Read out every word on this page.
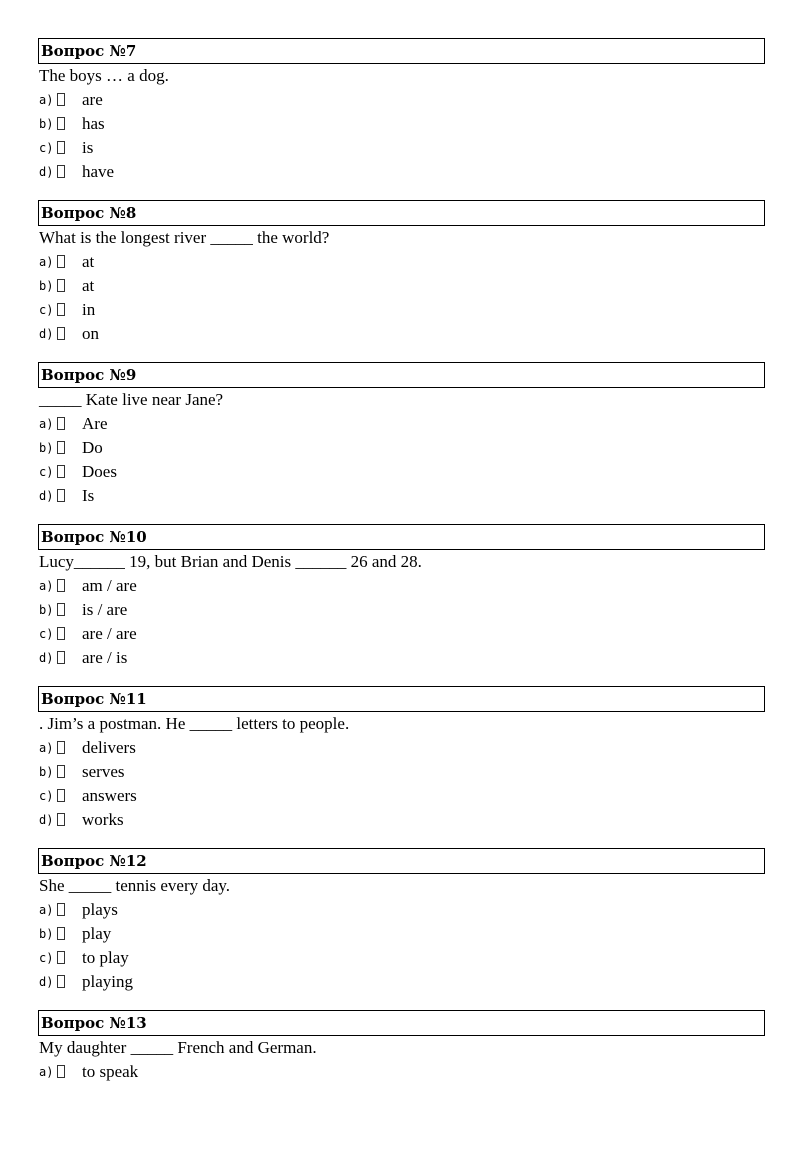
Вопрос №7
The boys … a dog.
a) are
b) has
c) is
d) have
Вопрос №8
What is the longest river _____ the world?
a) at
b) at
c) in
d) on
Вопрос №9
_____ Kate live near Jane?
a) Are
b) Do
c) Does
d) Is
Вопрос №10
Lucy______ 19, but Brian and Denis ______ 26 and 28.
a) am / are
b) is / are
c) are / are
d) are / is
Вопрос №11
. Jim’s a postman. He _____ letters to people.
a) delivers
b) serves
c) answers
d) works
Вопрос №12
She _____ tennis every day.
a) plays
b) play
c) to play
d) playing
Вопрос №13
My daughter _____ French and German.
a) to speak
